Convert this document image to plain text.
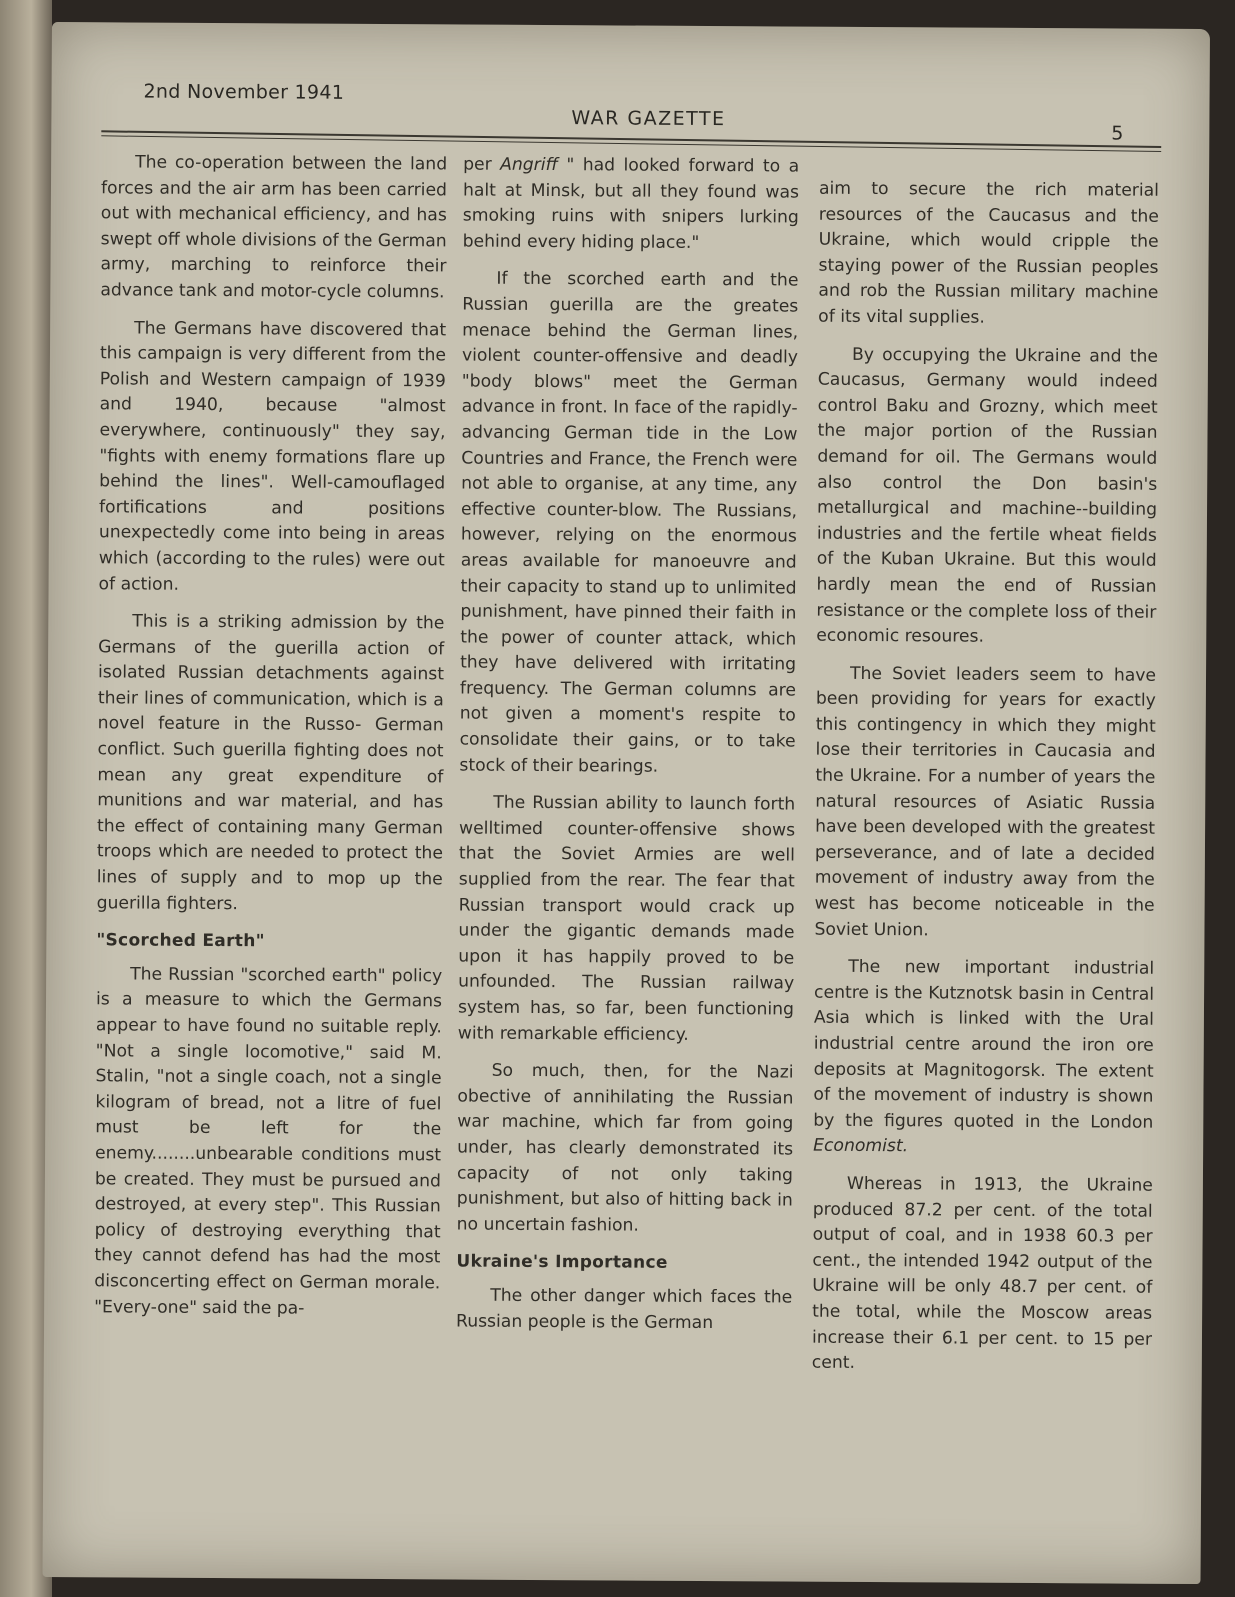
2nd November 1941
WAR GAZETTE
5

The co-operation between the land forces and the air arm has been carried out with mechanical efficiency, and has swept off whole divisions of the German army, marching to reinforce their advance tank and motor-cycle columns.

The Germans have discovered that this campaign is very different from the Polish and Western campaign of 1939 and 1940, because "almost everywhere, continuously" they say, "fights with enemy formations flare up behind the lines". Well-camouflaged fortifications and positions unexpectedly come into being in areas which (according to the rules) were out of action.

This is a striking admission by the Germans of the guerilla action of isolated Russian detachments against their lines of communication, which is a novel feature in the Russo- German conflict. Such guerilla fighting does not mean any great expenditure of munitions and war material, and has the effect of containing many German troops which are needed to protect the lines of supply and to mop up the guerilla fighters.

"Scorched Earth"

The Russian "scorched earth" policy is a measure to which the Germans appear to have found no suitable reply. "Not a single locomotive," said M. Stalin, "not a single coach, not a single kilogram of bread, not a litre of fuel must be left for the enemy........unbearable conditions must be created. They must be pursued and destroyed, at every step". This Russian policy of destroying everything that they cannot defend has had the most disconcerting effect on German morale. "Every-one" said the pa-

per Angriff " had looked forward to a halt at Minsk, but all they found was smoking ruins with snipers lurking behind every hiding place."

If the scorched earth and the Russian guerilla are the greates menace behind the German lines, violent counter-offensive and deadly "body blows" meet the German advance in front. In face of the rapidly-advancing German tide in the Low Countries and France, the French were not able to organise, at any time, any effective counter-blow. The Russians, however, relying on the enormous areas available for manoeuvre and their capacity to stand up to unlimited punishment, have pinned their faith in the power of counter attack, which they have delivered with irritating frequency. The German columns are not given a moment's respite to consolidate their gains, or to take stock of their bearings.

The Russian ability to launch forth welltimed counter-offensive shows that the Soviet Armies are well supplied from the rear. The fear that Russian transport would crack up under the gigantic demands made upon it has happily proved to be unfounded. The Russian railway system has, so far, been functioning with remarkable efficiency.

So much, then, for the Nazi obective of annihilating the Russian war machine, which far from going under, has clearly demonstrated its capacity of not only taking punishment, but also of hitting back in no uncertain fashion.

Ukraine's Importance

The other danger which faces the Russian people is the German

aim to secure the rich material resources of the Caucasus and the Ukraine, which would cripple the staying power of the Russian peoples and rob the Russian military machine of its vital supplies.

By occupying the Ukraine and the Caucasus, Germany would indeed control Baku and Grozny, which meet the major portion of the Russian demand for oil. The Germans would also control the Don basin's metallurgical and machine--building industries and the fertile wheat fields of the Kuban Ukraine. But this would hardly mean the end of Russian resistance or the complete loss of their economic resoures.

The Soviet leaders seem to have been providing for years for exactly this contingency in which they might lose their territories in Caucasia and the Ukraine. For a number of years the natural resources of Asiatic Russia have been developed with the greatest perseverance, and of late a decided movement of industry away from the west has become noticeable in the Soviet Union.

The new important industrial centre is the Kutznotsk basin in Central Asia which is linked with the Ural industrial centre around the iron ore deposits at Magnitogorsk. The extent of the movement of industry is shown by the figures quoted in the London Economist.

Whereas in 1913, the Ukraine produced 87.2 per cent. of the total output of coal, and in 1938 60.3 per cent., the intended 1942 output of the Ukraine will be only 48.7 per cent. of the total, while the Moscow areas increase their 6.1 per cent. to 15 per cent.
